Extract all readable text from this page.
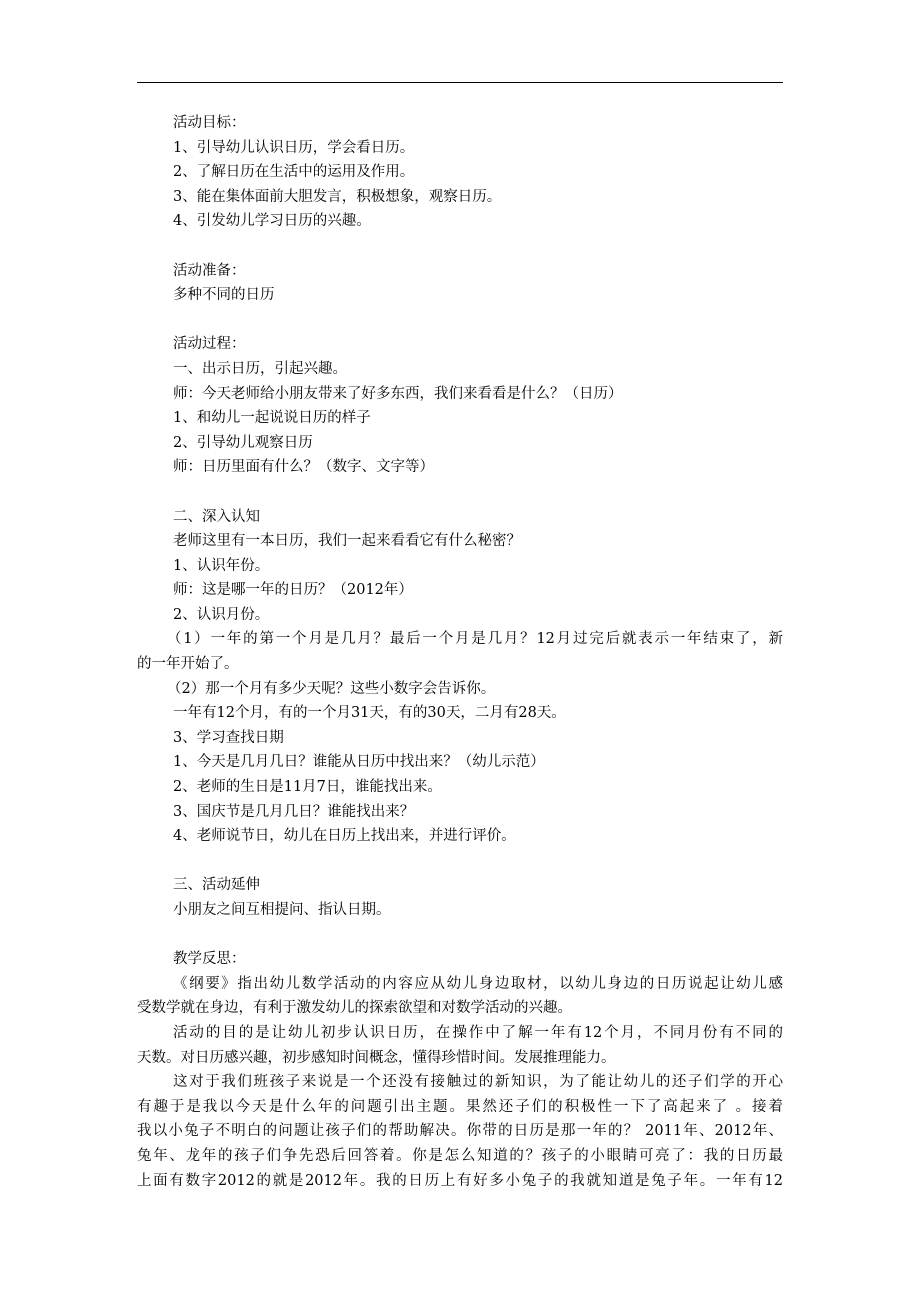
活动目标：
1、引导幼儿认识日历，学会看日历。
2、了解日历在生活中的运用及作用。
3、能在集体面前大胆发言，积极想象，观察日历。
4、引发幼儿学习日历的兴趣。
活动准备：
多种不同的日历
活动过程：
一、出示日历，引起兴趣。
师：今天老师给小朋友带来了好多东西，我们来看看是什么？（日历）
1、和幼儿一起说说日历的样子
2、引导幼儿观察日历
师：日历里面有什么？（数字、文字等）
二、深入认知
老师这里有一本日历，我们一起来看看它有什么秘密？
1、认识年份。
师：这是哪一年的日历？（2012年）
2、认识月份。
（1）一年的第一个月是几月？最后一个月是几月？12月过完后就表示一年结束了，新
的一年开始了。
（2）那一个月有多少天呢？这些小数字会告诉你。
一年有12个月，有的一个月31天，有的30天，二月有28天。
3、学习查找日期
1、今天是几月几日？谁能从日历中找出来？（幼儿示范）
2、老师的生日是11月7日，谁能找出来。
3、国庆节是几月几日？谁能找出来？
4、老师说节日，幼儿在日历上找出来，并进行评价。
三、活动延伸
小朋友之间互相提问、指认日期。
教学反思：
《纲要》指出幼儿数学活动的内容应从幼儿身边取材，以幼儿身边的日历说起让幼儿感
受数学就在身边，有利于激发幼儿的探索欲望和对数学活动的兴趣。
活动的目的是让幼儿初步认识日历，在操作中了解一年有12个月，不同月份有不同的
天数。对日历感兴趣，初步感知时间概念，懂得珍惜时间。发展推理能力。
这对于我们班孩子来说是一个还没有接触过的新知识，为了能让幼儿的还子们学的开心
有趣于是我以今天是什么年的问题引出主题。果然还子们的积极性一下了高起来了 。接着
我以小兔子不明白的问题让孩子们的帮助解决。你带的日历是那一年的？ 2011年、2012年、
兔年、龙年的孩子们争先恐后回答着。你是怎么知道的？孩子的小眼睛可亮了：我的日历最
上面有数字2012的就是2012年。我的日历上有好多小兔子的我就知道是兔子年。一年有12
